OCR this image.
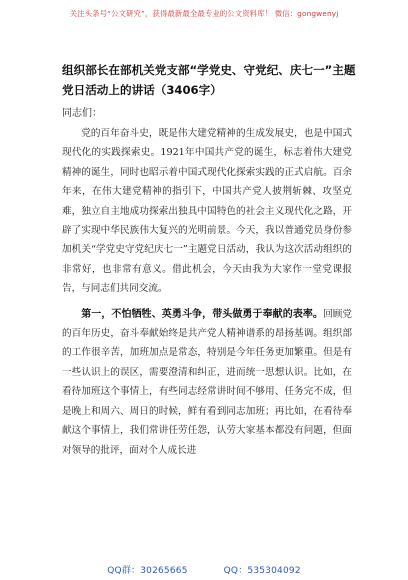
关注头条号“公文研究”，获得最新最全最专业的公文资料库！ 微信：gongwenyj
组织部长在部机关党支部“学党史、守党纪、庆七一”主题党日活动上的讲话（3406字）
同志们：

党的百年奋斗史，既是伟大建党精神的生成发展史，也是中国式现代化的实践探索史。1921年中国共产党的诞生，标志着伟大建党精神的诞生，同时也昭示着中国式现代化探索实践的正式启航。百余年来，在伟大建党精神的指引下，中国共产党人披荆斩棘、攻坚克难，独立自主地成功探索出独具中国特色的社会主义现代化之路，开辟了实现中华民族伟大复兴的光明前景。今天，我以普通党员身份参加机关“学党史守党纪庆七一”主题党日活动，我认为这次活动组织的非常好，也非常有意义。借此机会，今天由我为大家作一堂党课报告，与同志们共同交流。

第一，不怕牺牲、英勇斗争，带头做勇于奉献的表率。回顾党的百年历史，奋斗奉献始终是共产党人精神谱系的昂扬基调。组织部的工作很辛苦，加班加点是常态，特别是今年任务更加繁重。但是有一些认识上的误区，需要澄清和纠正，进而统一思想认识。比如，在看待加班这个事情上，有些同志经常讲时间不够用、任务完不成，但是晚上和周六、周日的时候，鲜有看到同志加班；再比如，在看待奉献这个事情上，我们常讲任劳任怨，认劳大家基本都没有问题，但面对领导的批评，面对个人成长进

QQ群：30265665	QQ：535304092
